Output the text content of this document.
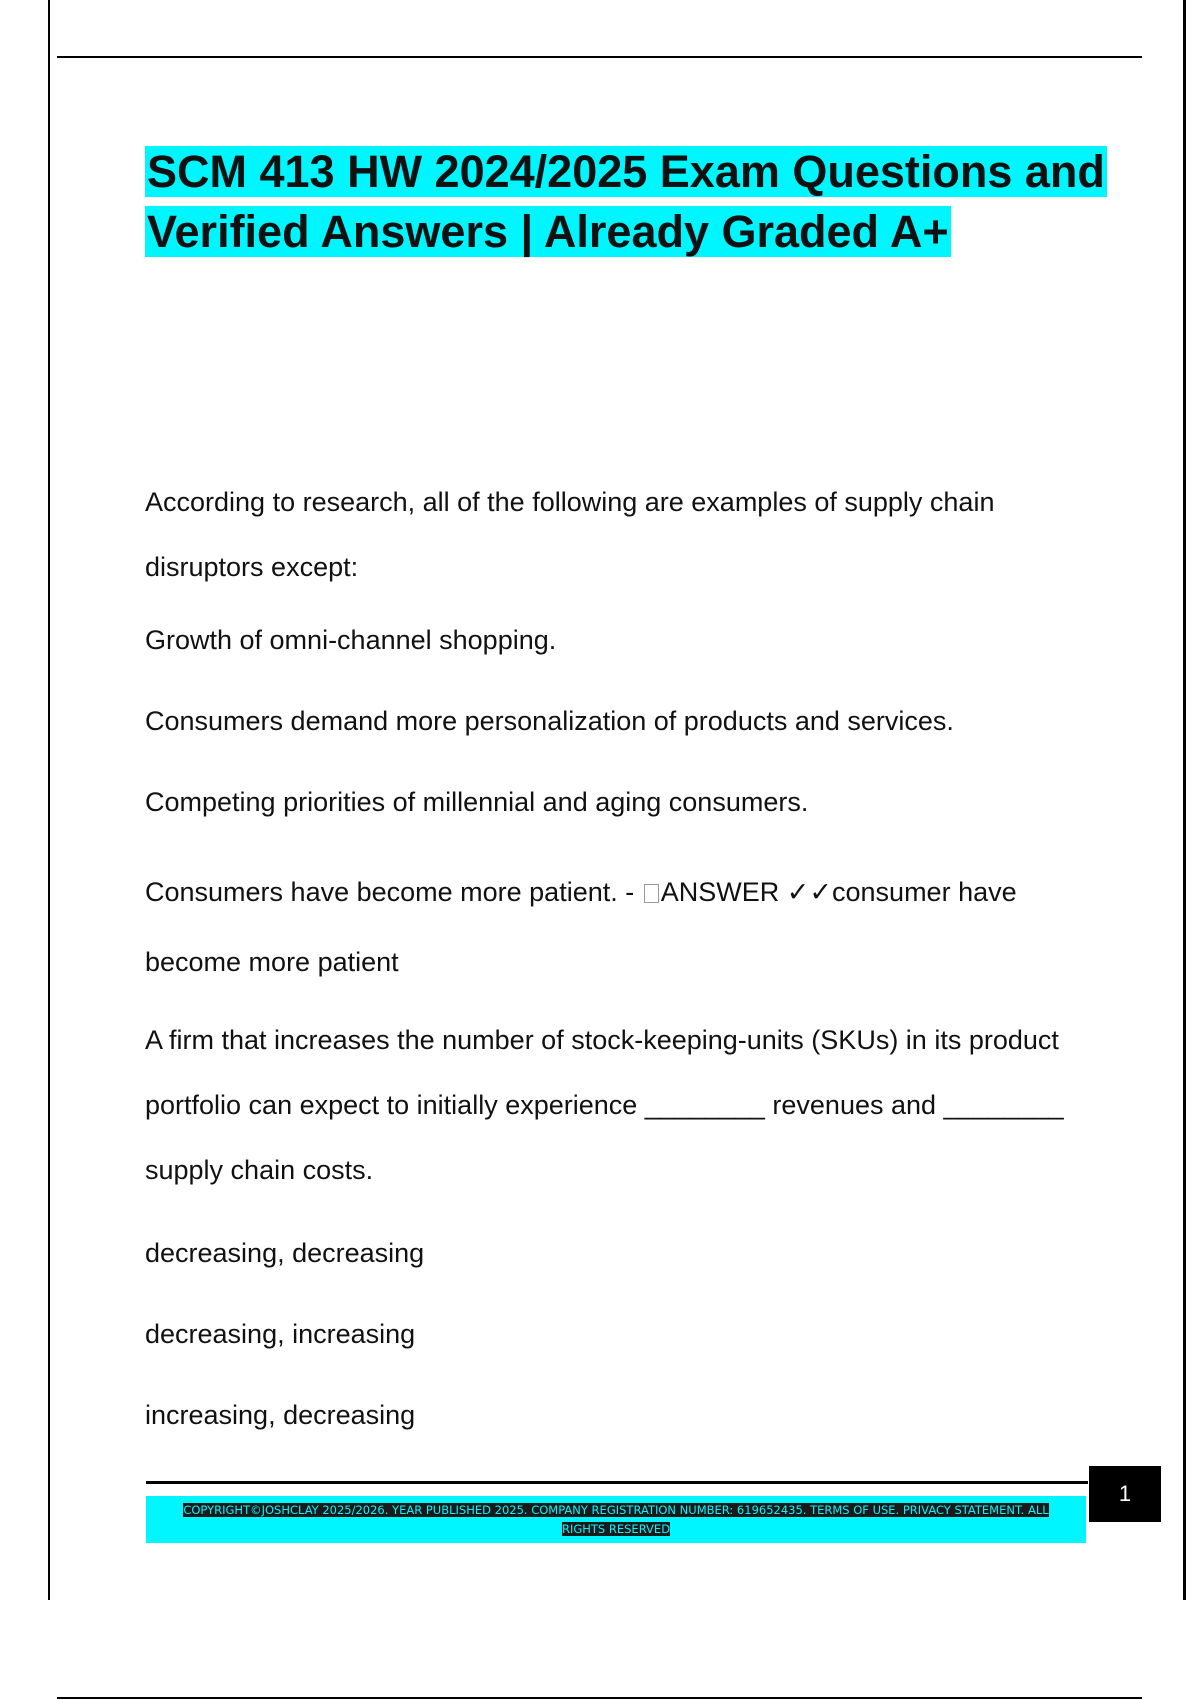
SCM 413 HW 2024/2025 Exam Questions and Verified Answers | Already Graded A+

According to research, all of the following are examples of supply chain disruptors except:

Growth of omni-channel shopping.

Consumers demand more personalization of products and services.

Competing priorities of millennial and aging consumers.

Consumers have become more patient. - ANSWER ✓✓consumer have become more patient

A firm that increases the number of stock-keeping-units (SKUs) in its product portfolio can expect to initially experience ________ revenues and ________ supply chain costs.

decreasing, decreasing

decreasing, increasing

increasing, decreasing

COPYRIGHT©JOSHCLAY 2025/2026. YEAR PUBLISHED 2025. COMPANY REGISTRATION NUMBER: 619652435. TERMS OF USE. PRIVACY STATEMENT. ALL RIGHTS RESERVED
1
